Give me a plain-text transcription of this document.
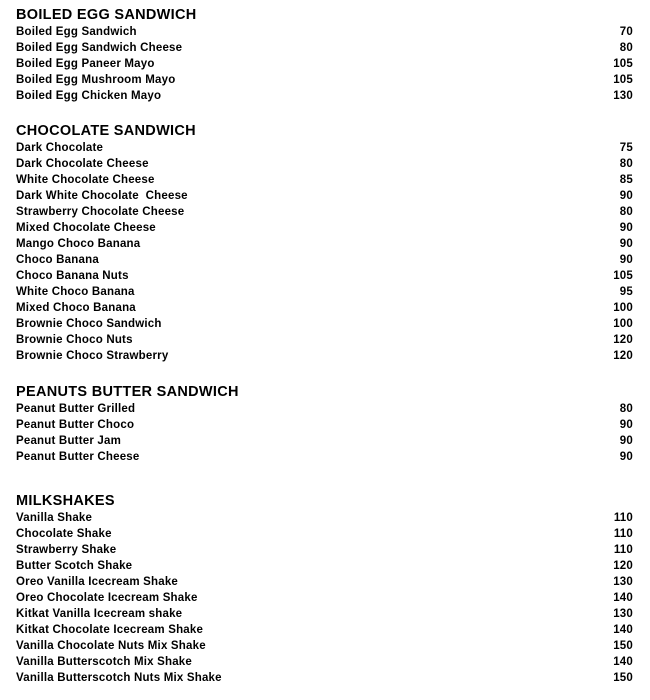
BOILED EGG SANDWICH
Boiled Egg Sandwich	70
Boiled Egg Sandwich Cheese	80
Boiled Egg Paneer Mayo	105
Boiled Egg Mushroom Mayo	105
Boiled Egg Chicken Mayo	130
CHOCOLATE SANDWICH
Dark Chocolate	75
Dark Chocolate Cheese	80
White Chocolate Cheese	85
Dark White Chocolate  Cheese	90
Strawberry Chocolate Cheese	80
Mixed Chocolate Cheese	90
Mango Choco Banana	90
Choco Banana	90
Choco Banana Nuts	105
White Choco Banana	95
Mixed Choco Banana	100
Brownie Choco Sandwich	100
Brownie Choco Nuts	120
Brownie Choco Strawberry	120
PEANUTS BUTTER SANDWICH
Peanut Butter Grilled	80
Peanut Butter Choco	90
Peanut Butter Jam	90
Peanut Butter Cheese	90
MILKSHAKES
Vanilla Shake	110
Chocolate Shake	110
Strawberry Shake	110
Butter Scotch Shake	120
Oreo Vanilla Icecream Shake	130
Oreo Chocolate Icecream Shake	140
Kitkat Vanilla Icecream shake	130
Kitkat Chocolate Icecream Shake	140
Vanilla Chocolate Nuts Mix Shake	150
Vanilla Butterscotch Mix Shake	140
Vanilla Butterscotch Nuts Mix Shake	150
